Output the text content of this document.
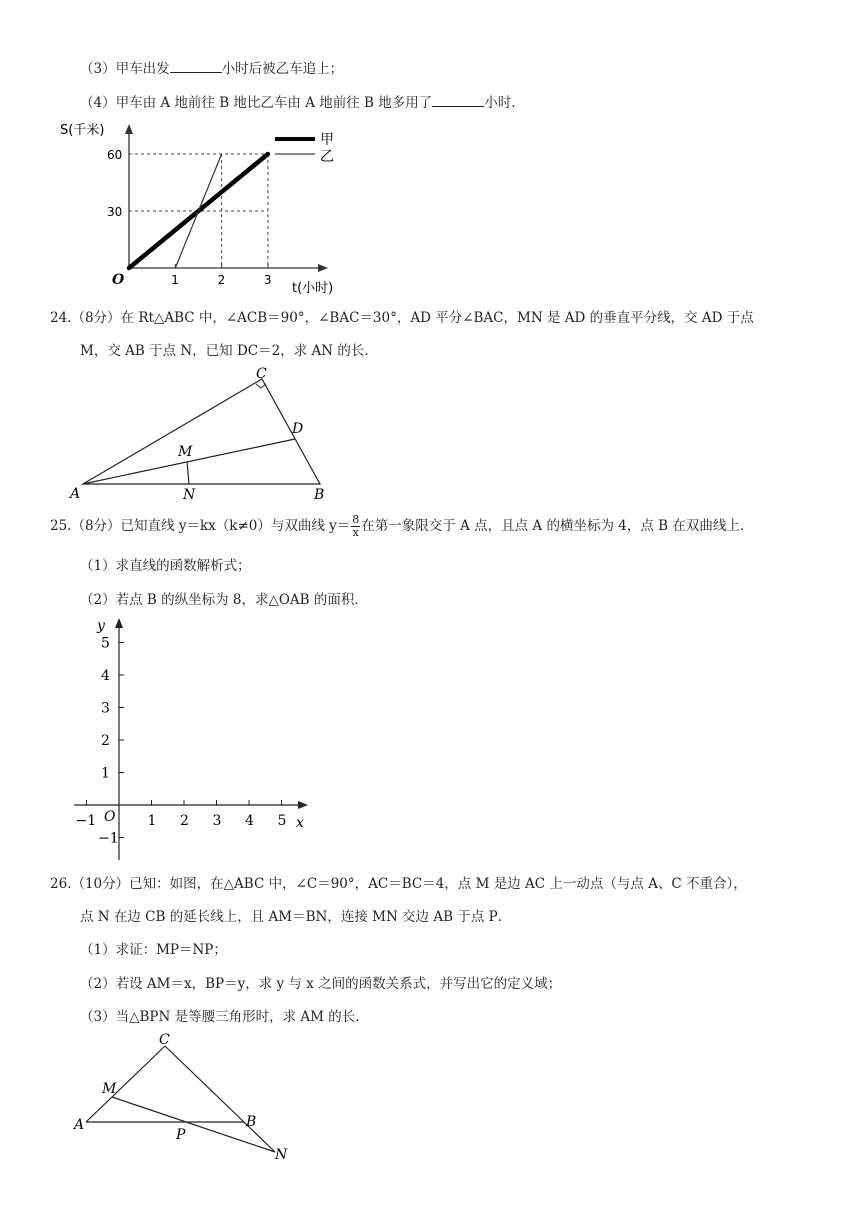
（3）甲车出发	小时后被乙车追上；
（4）甲车由 A 地前往 B 地比乙车由 A 地前往 B 地多用了	小时．
60
30
1	2	3
S(千米)
t(小时)
O
甲
乙
24.（8分）在 Rt△ABC 中，∠ACB＝90°，∠BAC＝30°，AD 平分∠BAC，MN 是 AD 的垂直平分线，交 AD 于点
M，交 AB 于点 N，已知 DC＝2，求 AN 的长．
A	B
C
D
M
N
25.（8分）已知直线 y＝kx（k≠0）与双曲线 $y= \frac{8}{x}$ 在第一象限交于 A 点，且点 A 的横坐标为 4，点 B 在双曲线上．
（1）求直线的函数解析式；
（2）若点 B 的纵坐标为 8，求△OAB 的面积．
−1	1 2 3 4 5
5
4
3
2
1
−1
y
x
O
26.（10分）已知：如图，在△ABC 中，∠C＝90°，AC＝BC＝4，点 M 是边 AC 上一动点（与点 A、C 不重合），
点 N 在边 CB 的延长线上，且 AM＝BN，连接 MN 交边 AB 于点 P．
（1）求证：MP＝NP；
（2）若设 AM＝x，BP＝y，求 y 与 x 之间的函数关系式，并写出它的定义域；
（3）当△BPN 是等腰三角形时，求 AM 的长．
A	B
C
M
N
P
